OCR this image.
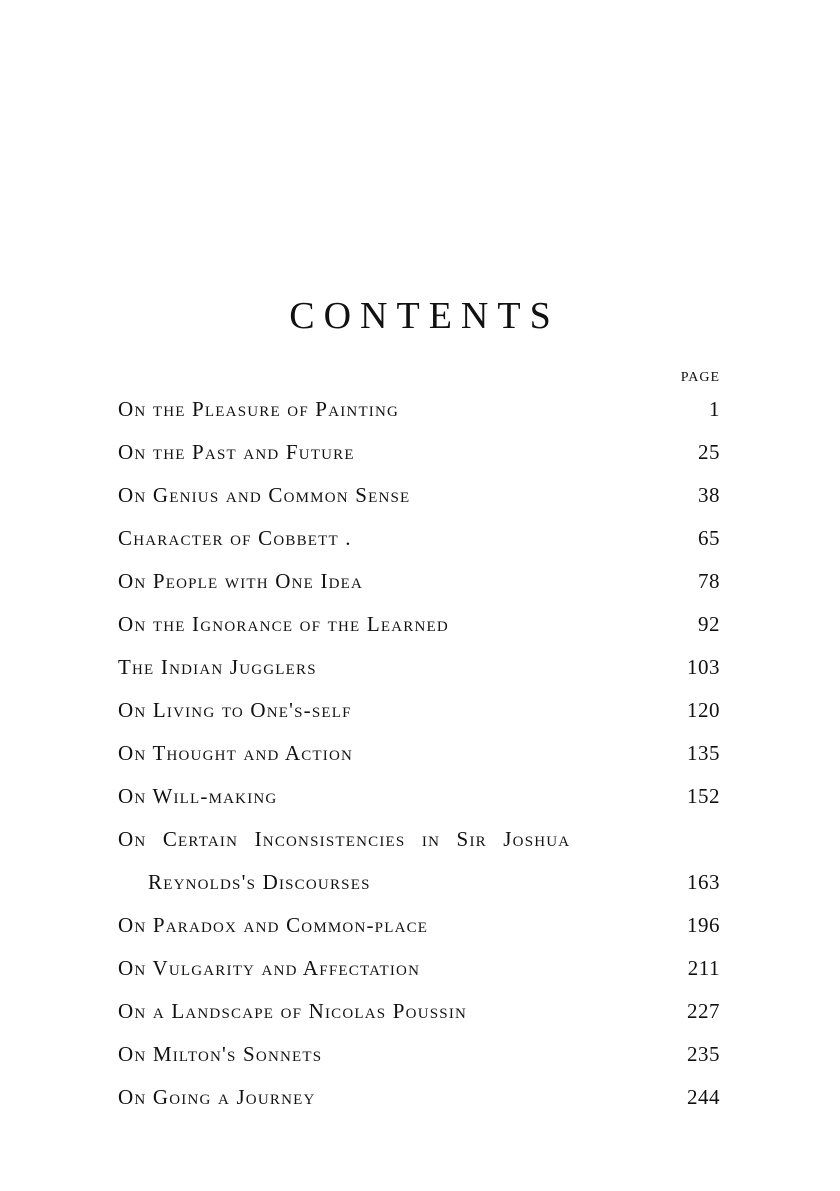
CONTENTS
PAGE
On the Pleasure of Painting	1
On the Past and Future	25
On Genius and Common Sense	38
Character of Cobbett .	65
On People with One Idea	78
On the Ignorance of the Learned	92
The Indian Jugglers	103
On Living to One's-self	120
On Thought and Action	135
On Will-making	152
On Certain Inconsistencies in Sir Joshua
Reynolds's Discourses	163
On Paradox and Common-place	196
On Vulgarity and Affectation	211
On a Landscape of Nicolas Poussin	227
On Milton's Sonnets	235
On Going a Journey	244
